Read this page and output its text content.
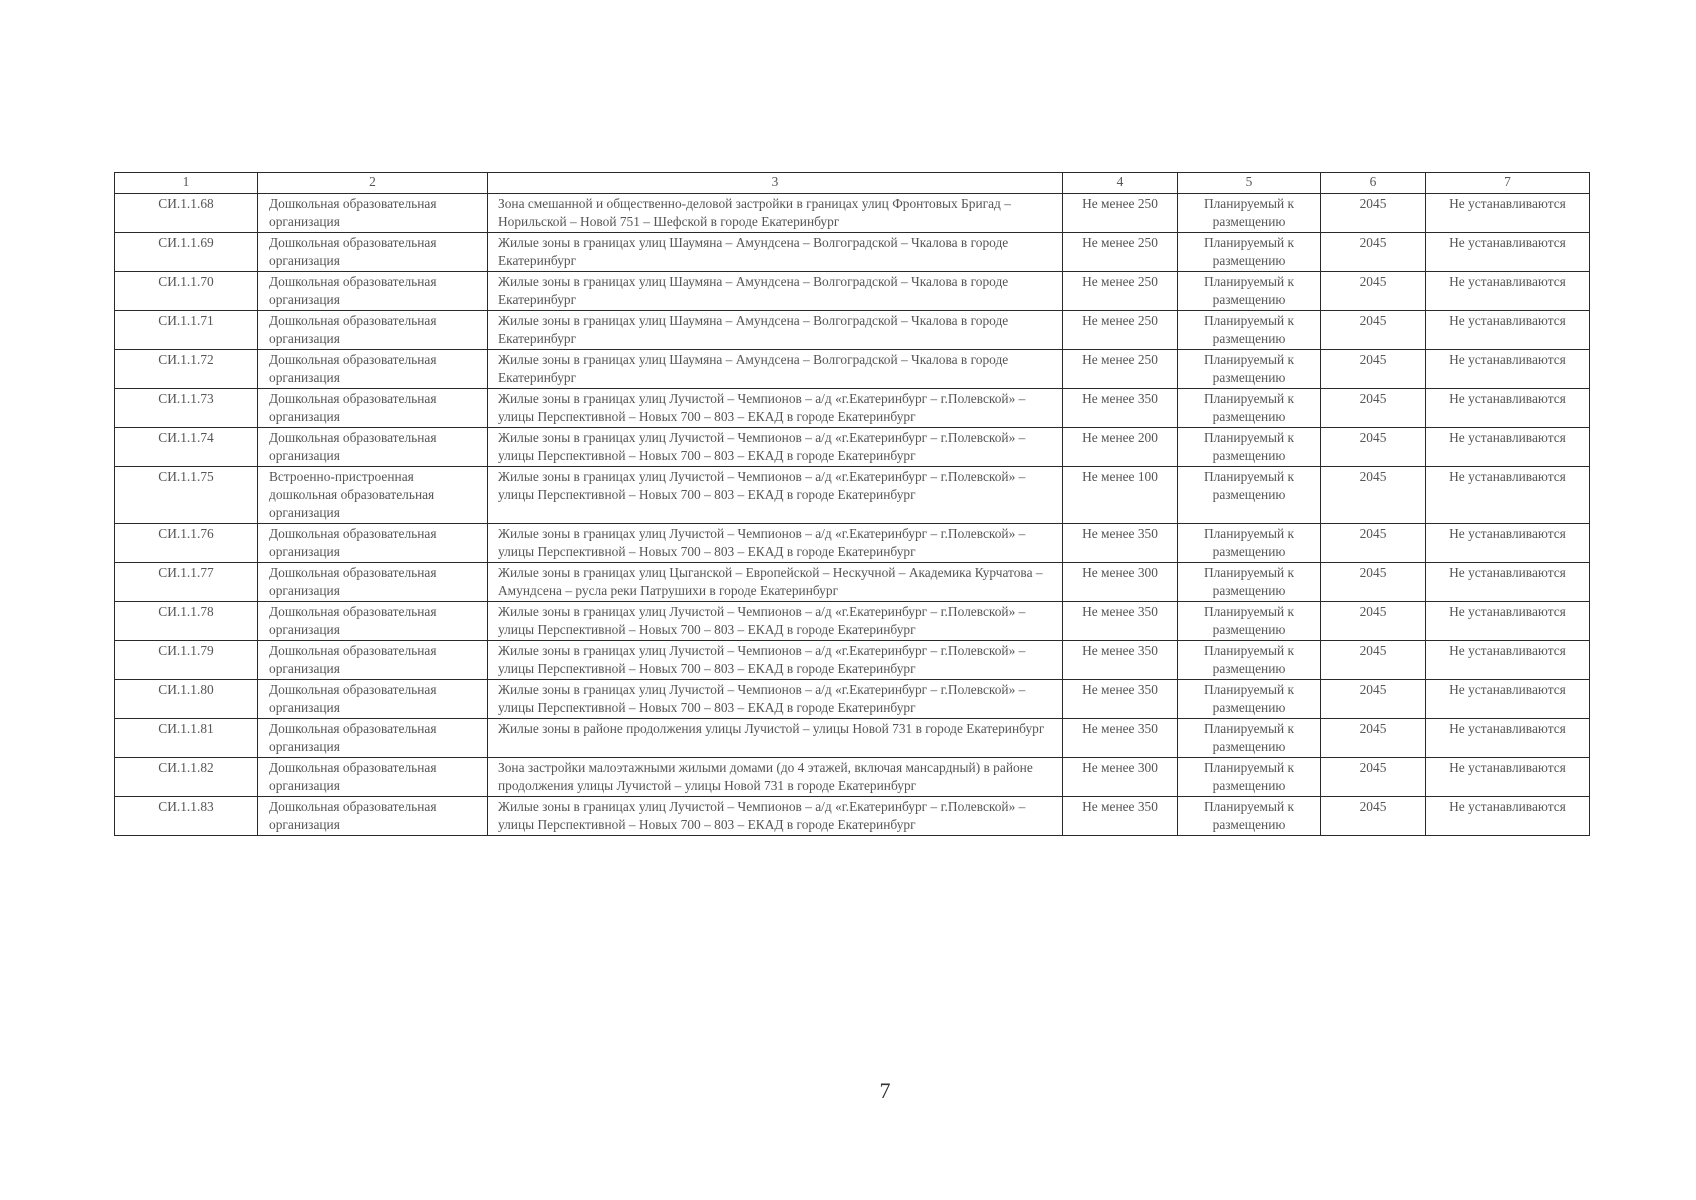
1	2	3	4	5	6	7
СИ.1.1.68	Дошкольная образовательная организация	Зона смешанной и общественно-деловой застройки в границах улиц Фронтовых Бригад – Норильской – Новой 751 – Шефской в городе Екатеринбург	Не менее 250	Планируемый к размещению	2045	Не устанавливаются
СИ.1.1.69	Дошкольная образовательная организация	Жилые зоны в границах улиц Шаумяна – Амундсена – Волгоградской – Чкалова в городе Екатеринбург	Не менее 250	Планируемый к размещению	2045	Не устанавливаются
СИ.1.1.70	Дошкольная образовательная организация	Жилые зоны в границах улиц Шаумяна – Амундсена – Волгоградской – Чкалова в городе Екатеринбург	Не менее 250	Планируемый к размещению	2045	Не устанавливаются
СИ.1.1.71	Дошкольная образовательная организация	Жилые зоны в границах улиц Шаумяна – Амундсена – Волгоградской – Чкалова в городе Екатеринбург	Не менее 250	Планируемый к размещению	2045	Не устанавливаются
СИ.1.1.72	Дошкольная образовательная организация	Жилые зоны в границах улиц Шаумяна – Амундсена – Волгоградской – Чкалова в городе Екатеринбург	Не менее 250	Планируемый к размещению	2045	Не устанавливаются
СИ.1.1.73	Дошкольная образовательная организация	Жилые зоны в границах улиц Лучистой – Чемпионов – а/д «г.Екатеринбург – г.Полевской» – улицы Перспективной – Новых 700 – 803 – ЕКАД в городе Екатеринбург	Не менее 350	Планируемый к размещению	2045	Не устанавливаются
СИ.1.1.74	Дошкольная образовательная организация	Жилые зоны в границах улиц Лучистой – Чемпионов – а/д «г.Екатеринбург – г.Полевской» – улицы Перспективной – Новых 700 – 803 – ЕКАД в городе Екатеринбург	Не менее 200	Планируемый к размещению	2045	Не устанавливаются
СИ.1.1.75	Встроенно-пристроенная дошкольная образовательная организация	Жилые зоны в границах улиц Лучистой – Чемпионов – а/д «г.Екатеринбург – г.Полевской» – улицы Перспективной – Новых 700 – 803 – ЕКАД в городе Екатеринбург	Не менее 100	Планируемый к размещению	2045	Не устанавливаются
СИ.1.1.76	Дошкольная образовательная организация	Жилые зоны в границах улиц Лучистой – Чемпионов – а/д «г.Екатеринбург – г.Полевской» – улицы Перспективной – Новых 700 – 803 – ЕКАД в городе Екатеринбург	Не менее 350	Планируемый к размещению	2045	Не устанавливаются
СИ.1.1.77	Дошкольная образовательная организация	Жилые зоны в границах улиц Цыганской – Европейской – Нескучной – Академика Курчатова – Амундсена – русла реки Патрушихи в городе Екатеринбург	Не менее 300	Планируемый к размещению	2045	Не устанавливаются
СИ.1.1.78	Дошкольная образовательная организация	Жилые зоны в границах улиц Лучистой – Чемпионов – а/д «г.Екатеринбург – г.Полевской» – улицы Перспективной – Новых 700 – 803 – ЕКАД в городе Екатеринбург	Не менее 350	Планируемый к размещению	2045	Не устанавливаются
СИ.1.1.79	Дошкольная образовательная организация	Жилые зоны в границах улиц Лучистой – Чемпионов – а/д «г.Екатеринбург – г.Полевской» – улицы Перспективной – Новых 700 – 803 – ЕКАД в городе Екатеринбург	Не менее 350	Планируемый к размещению	2045	Не устанавливаются
СИ.1.1.80	Дошкольная образовательная организация	Жилые зоны в границах улиц Лучистой – Чемпионов – а/д «г.Екатеринбург – г.Полевской» – улицы Перспективной – Новых 700 – 803 – ЕКАД в городе Екатеринбург	Не менее 350	Планируемый к размещению	2045	Не устанавливаются
СИ.1.1.81	Дошкольная образовательная организация	Жилые зоны в районе продолжения улицы Лучистой – улицы Новой 731 в городе Екатеринбург	Не менее 350	Планируемый к размещению	2045	Не устанавливаются
СИ.1.1.82	Дошкольная образовательная организация	Зона застройки малоэтажными жилыми домами (до 4 этажей, включая мансардный) в районе продолжения улицы Лучистой – улицы Новой 731 в городе Екатеринбург	Не менее 300	Планируемый к размещению	2045	Не устанавливаются
СИ.1.1.83	Дошкольная образовательная организация	Жилые зоны в границах улиц Лучистой – Чемпионов – а/д «г.Екатеринбург – г.Полевской» – улицы Перспективной – Новых 700 – 803 – ЕКАД в городе Екатеринбург	Не менее 350	Планируемый к размещению	2045	Не устанавливаются
7
